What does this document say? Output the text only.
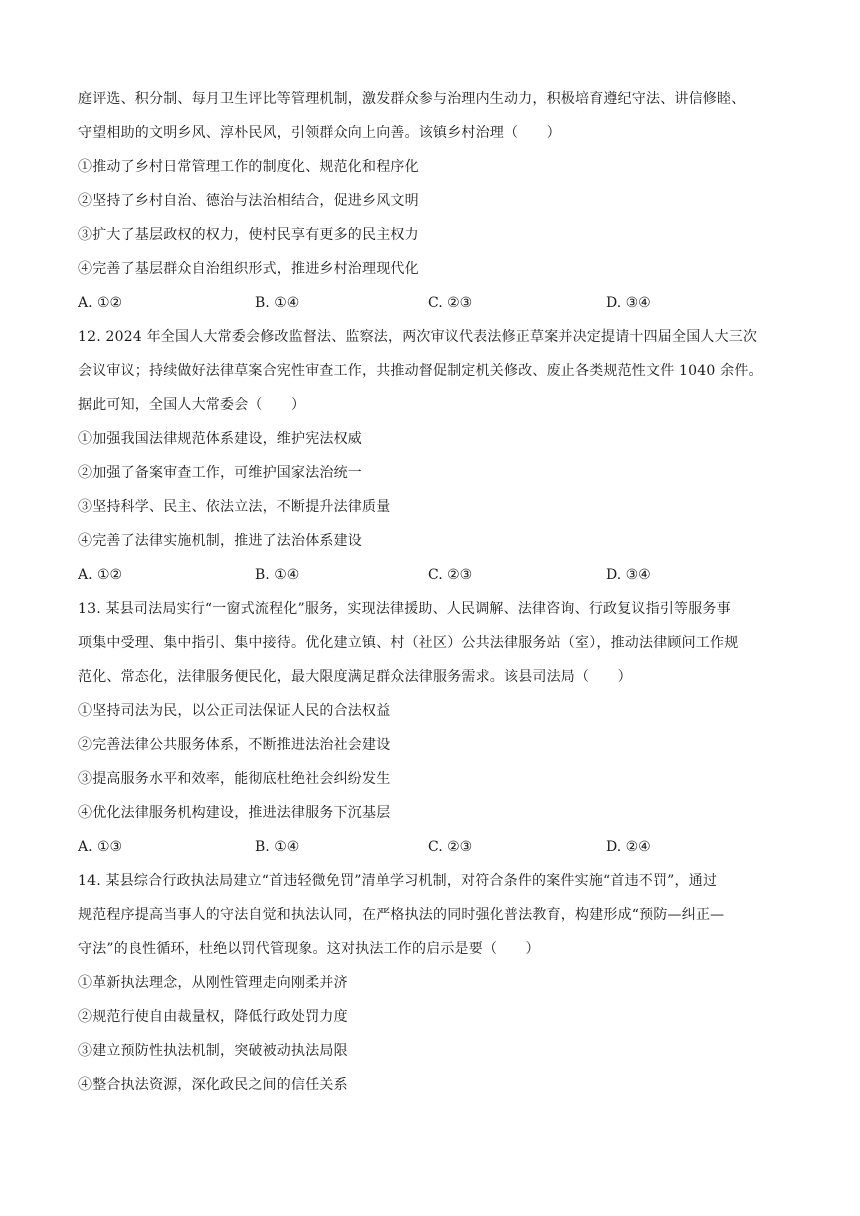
庭评选、积分制、每月卫生评比等管理机制，激发群众参与治理内生动力，积极培育遵纪守法、讲信修睦、
守望相助的文明乡风、淳朴民风，引领群众向上向善。该镇乡村治理（　　）
①推动了乡村日常管理工作的制度化、规范化和程序化
②坚持了乡村自治、德治与法治相结合，促进乡风文明
③扩大了基层政权的权力，使村民享有更多的民主权力
④完善了基层群众自治组织形式，推进乡村治理现代化
A. ①②	B. ①④	C. ②③	D. ③④
12. 2024 年全国人大常委会修改监督法、监察法，两次审议代表法修正草案并决定提请十四届全国人大三次
会议审议；持续做好法律草案合宪性审查工作，共推动督促制定机关修改、废止各类规范性文件 1040 余件。
据此可知，全国人大常委会（　　）
①加强我国法律规范体系建设，维护宪法权威
②加强了备案审查工作，可维护国家法治统一
③坚持科学、民主、依法立法，不断提升法律质量
④完善了法律实施机制，推进了法治体系建设
A. ①②	B. ①④	C. ②③	D. ③④
13. 某县司法局实行“一窗式流程化”服务，实现法律援助、人民调解、法律咨询、行政复议指引等服务事
项集中受理、集中指引、集中接待。优化建立镇、村（社区）公共法律服务站（室），推动法律顾问工作规
范化、常态化，法律服务便民化，最大限度满足群众法律服务需求。该县司法局（　　）
①坚持司法为民，以公正司法保证人民的合法权益
②完善法律公共服务体系，不断推进法治社会建设
③提高服务水平和效率，能彻底杜绝社会纠纷发生
④优化法律服务机构建设，推进法律服务下沉基层
A. ①③	B. ①④	C. ②③	D. ②④
14. 某县综合行政执法局建立“首违轻微免罚”清单学习机制，对符合条件的案件实施“首违不罚”，通过
规范程序提高当事人的守法自觉和执法认同，在严格执法的同时强化普法教育，构建形成“预防—纠正—
守法”的良性循环，杜绝以罚代管现象。这对执法工作的启示是要（　　）
①革新执法理念，从刚性管理走向刚柔并济
②规范行使自由裁量权，降低行政处罚力度
③建立预防性执法机制，突破被动执法局限
④整合执法资源，深化政民之间的信任关系
